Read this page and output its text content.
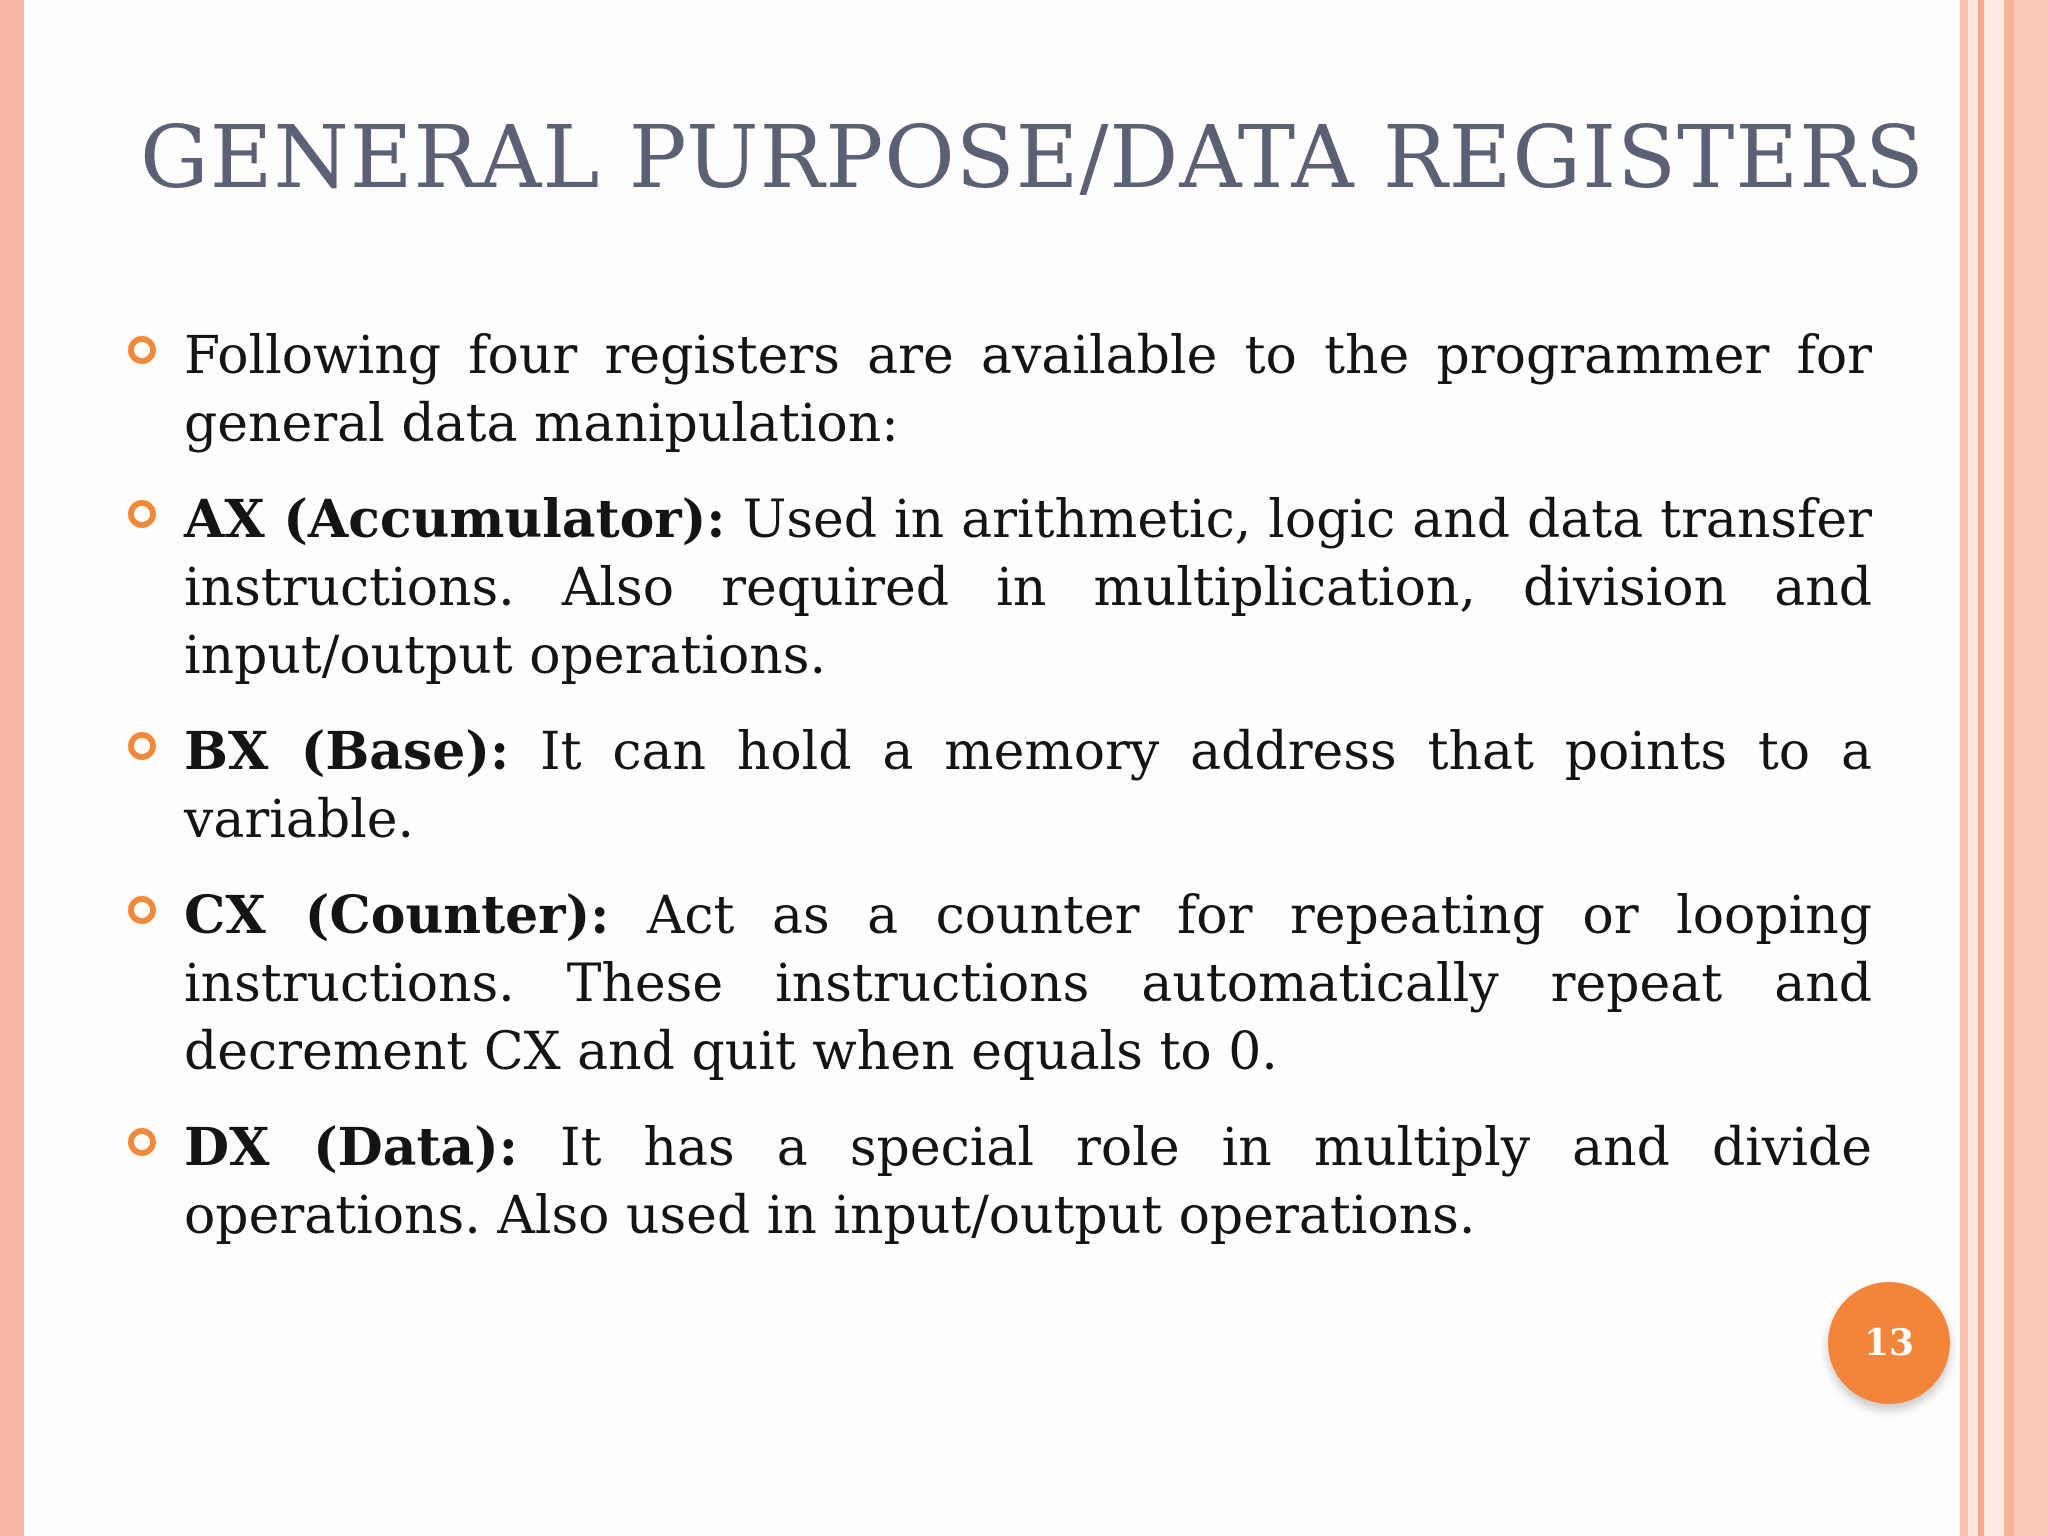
GENERAL PURPOSE/DATA REGISTERS
Following four registers are available to the programmer for general data manipulation:
AX (Accumulator): Used in arithmetic, logic and data transfer instructions. Also required in multiplication, division and input/output operations.
BX (Base): It can hold a memory address that points to a variable.
CX (Counter): Act as a counter for repeating or looping instructions. These instructions automatically repeat and decrement CX and quit when equals to 0.
DX (Data): It has a special role in multiply and divide operations. Also used in input/output operations.
13
